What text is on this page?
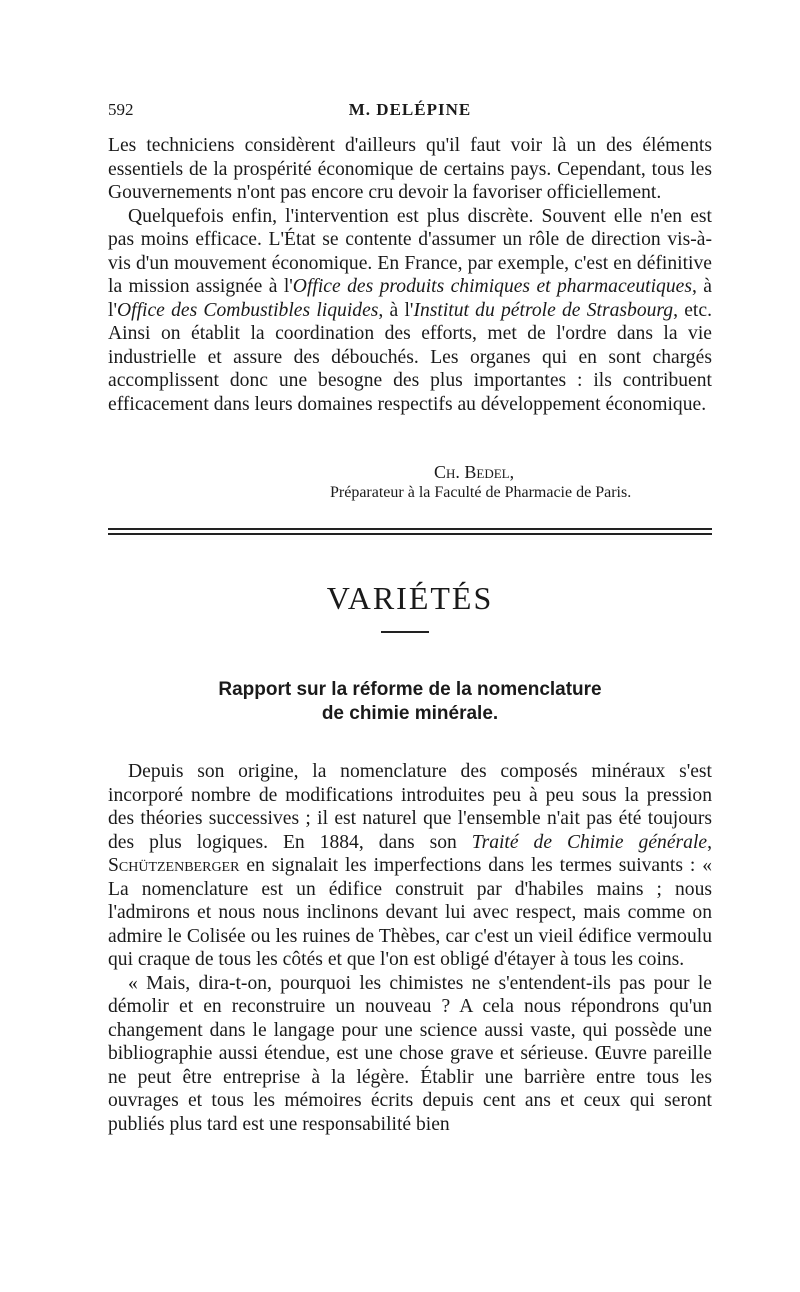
592	M. DELÉPINE

Les techniciens considèrent d'ailleurs qu'il faut voir là un des éléments essentiels de la prospérité économique de certains pays. Cependant, tous les Gouvernements n'ont pas encore cru devoir la favoriser officiellement.

Quelquefois enfin, l'intervention est plus discrète. Souvent elle n'en est pas moins efficace. L'État se contente d'assumer un rôle de direction vis-à-vis d'un mouvement économique. En France, par exemple, c'est en définitive la mission assignée à l'Office des produits chimiques et pharmaceutiques, à l'Office des Combustibles liquides, à l'Institut du pétrole de Strasbourg, etc. Ainsi on établit la coordination des efforts, met de l'ordre dans la vie industrielle et assure des débouchés. Les organes qui en sont chargés accomplissent donc une besogne des plus importantes : ils contribuent efficacement dans leurs domaines respectifs au développement économique.

Ch. Bedel,
Préparateur à la Faculté de Pharmacie de Paris.
VARIÉTÉS
Rapport sur la réforme de la nomenclature
de chimie minérale.

Depuis son origine, la nomenclature des composés minéraux s'est incorporé nombre de modifications introduites peu à peu sous la pression des théories successives ; il est naturel que l'ensemble n'ait pas été toujours des plus logiques. En 1884, dans son Traité de Chimie générale, Schützenberger en signalait les imperfections dans les termes suivants : « La nomenclature est un édifice construit par d'habiles mains ; nous l'admirons et nous nous inclinons devant lui avec respect, mais comme on admire le Colisée ou les ruines de Thèbes, car c'est un vieil édifice vermoulu qui craque de tous les côtés et que l'on est obligé d'étayer à tous les coins.

« Mais, dira-t-on, pourquoi les chimistes ne s'entendent-ils pas pour le démolir et en reconstruire un nouveau ? A cela nous répondrons qu'un changement dans le langage pour une science aussi vaste, qui possède une bibliographie aussi étendue, est une chose grave et sérieuse. Œuvre pareille ne peut être entreprise à la légère. Établir une barrière entre tous les ouvrages et tous les mémoires écrits depuis cent ans et ceux qui seront publiés plus tard est une responsabilité bien
